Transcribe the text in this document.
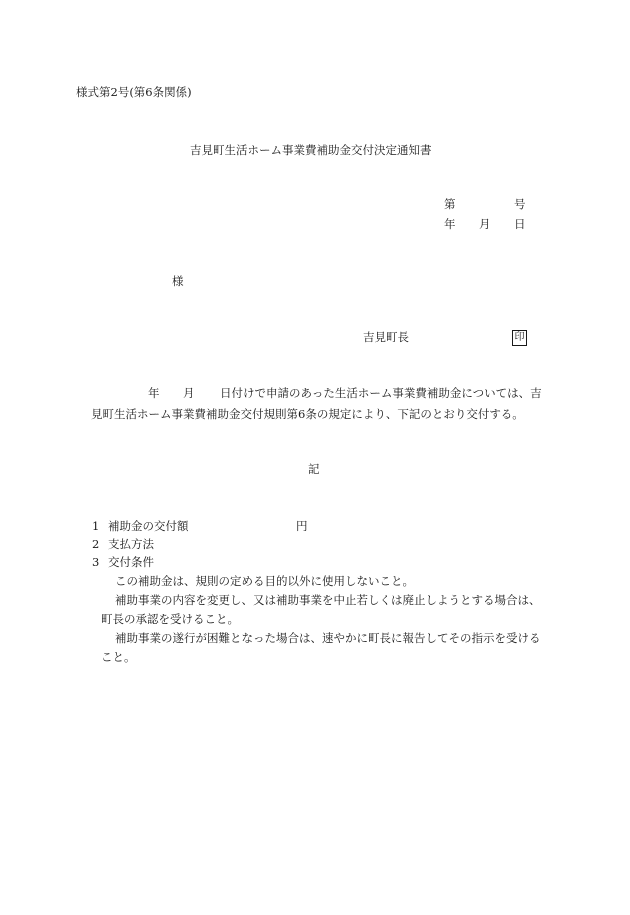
様式第2号(第6条関係)
吉見町生活ホーム事業費補助金交付決定通知書
第	号
年 月 日
様
吉見町長	印
年 月 日付けで申請のあった生活ホーム事業費補助金については、吉
見町生活ホーム事業費補助金交付規則第6条の規定により、下記のとおり交付する。
記
1 補助金の交付額	円
2 支払方法
3 交付条件
この補助金は、規則の定める目的以外に使用しないこと。
補助事業の内容を変更し、又は補助事業を中止若しくは廃止しようとする場合は、
町長の承認を受けること。
補助事業の遂行が困難となった場合は、速やかに町長に報告してその指示を受ける
こと。
